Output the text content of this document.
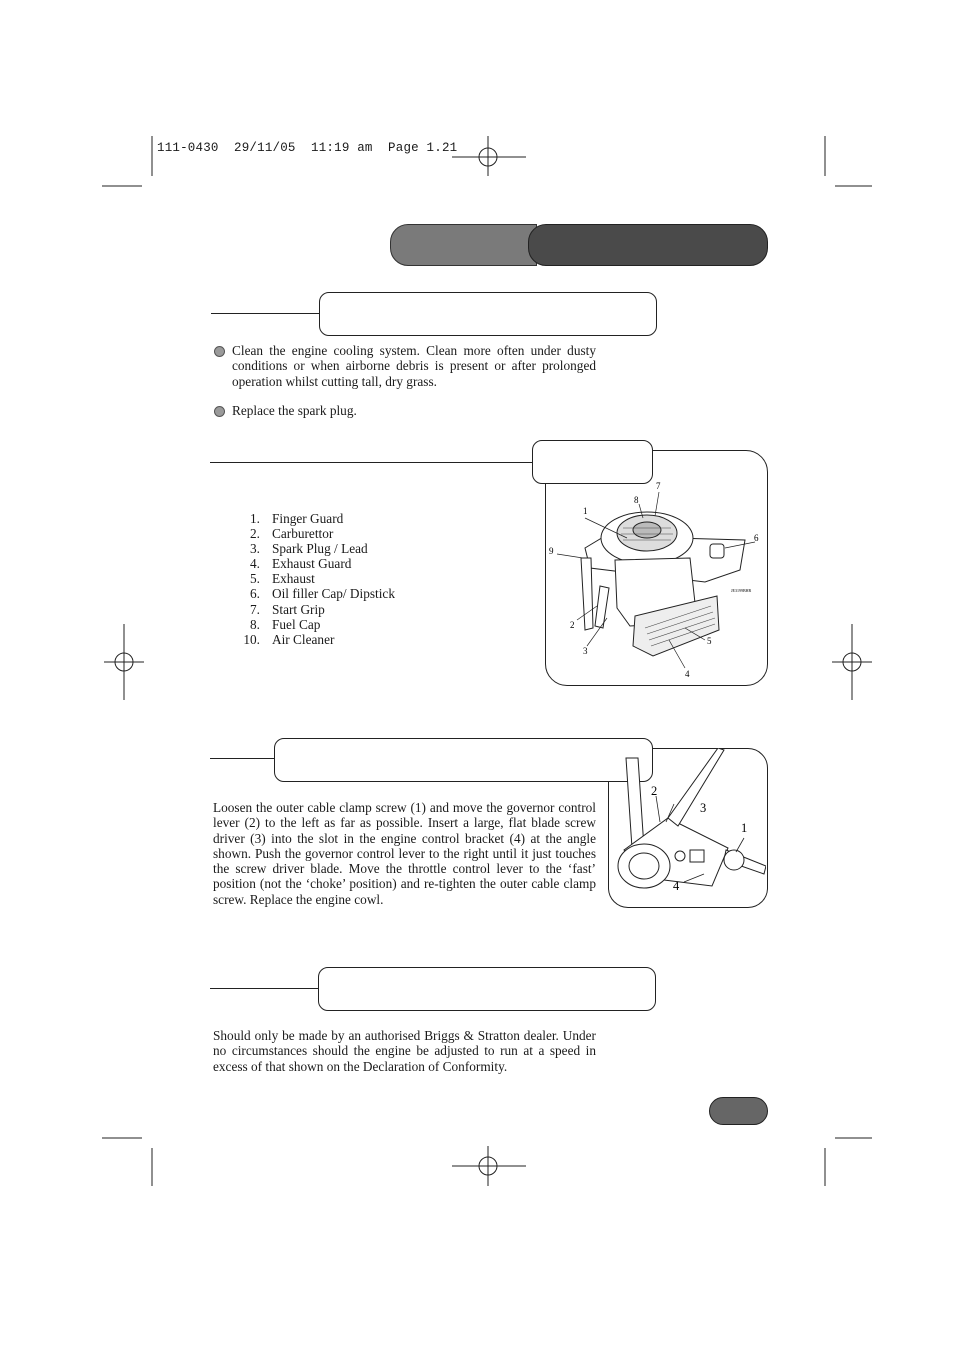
111-0430  29/11/05  11:19 am  Page 1.21
Clean the engine cooling system. Clean more often under dusty conditions or when airborne debris is present or after prolonged operation whilst cutting tall, dry grass.
Replace the spark plug.
1. Finger Guard
2. Carburettor
3. Spark Plug / Lead
4. Exhaust Guard
5. Exhaust
6. Oil filler Cap/ Dipstick
7. Start Grip
8. Fuel Cap
10. Air Cleaner
1
2
3
4
5
6
7
8
9
JE3199BHR
Loosen the outer cable clamp screw (1) and move the governor control lever (2) to the left as far as possible. Insert a large, flat blade screw driver (3) into the slot in the engine control bracket (4) at the angle shown. Push the governor control lever to the right until it just touches the screw driver blade. Move the throttle control lever to the ‘fast’ position (not the ‘choke’ position) and re-tighten the outer cable clamp screw. Replace the engine cowl.
2
3
1
4
Should only be made by an authorised Briggs & Stratton dealer. Under no circumstances should the engine be adjusted to run at a speed in excess of that shown on the Declaration of Conformity.
